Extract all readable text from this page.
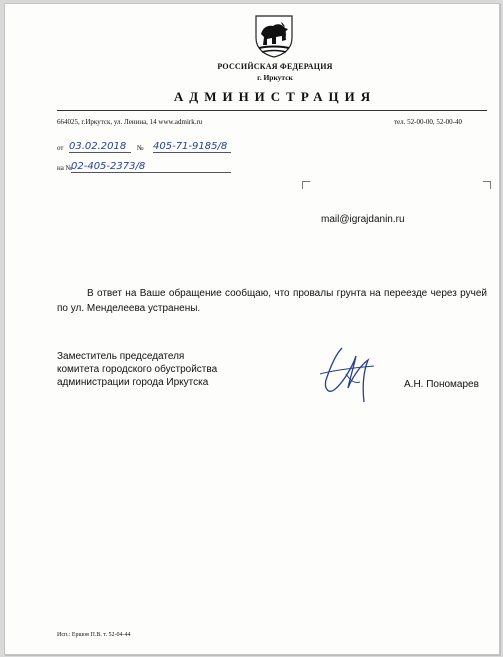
РОССИЙСКАЯ ФЕДЕРАЦИЯ
г. Иркутск
АДМИНИСТРАЦИЯ
664025, г.Иркутск, ул. Ленина, 14 www.admirk.ru	тел. 52-00-00, 52-00-40
от 03.02.2018	№ 405-71-9185/8
на №
02-405-2373/8
mail@igrajdanin.ru
В ответ на Ваше обращение сообщаю, что провалы грунта на переезде через ручей по ул. Менделеева устранены.
Заместитель председателя
комитета городского обустройства
администрации города Иркутска	А.Н. Пономарев
Исп.: Ершов П.В. т. 52-04-44
